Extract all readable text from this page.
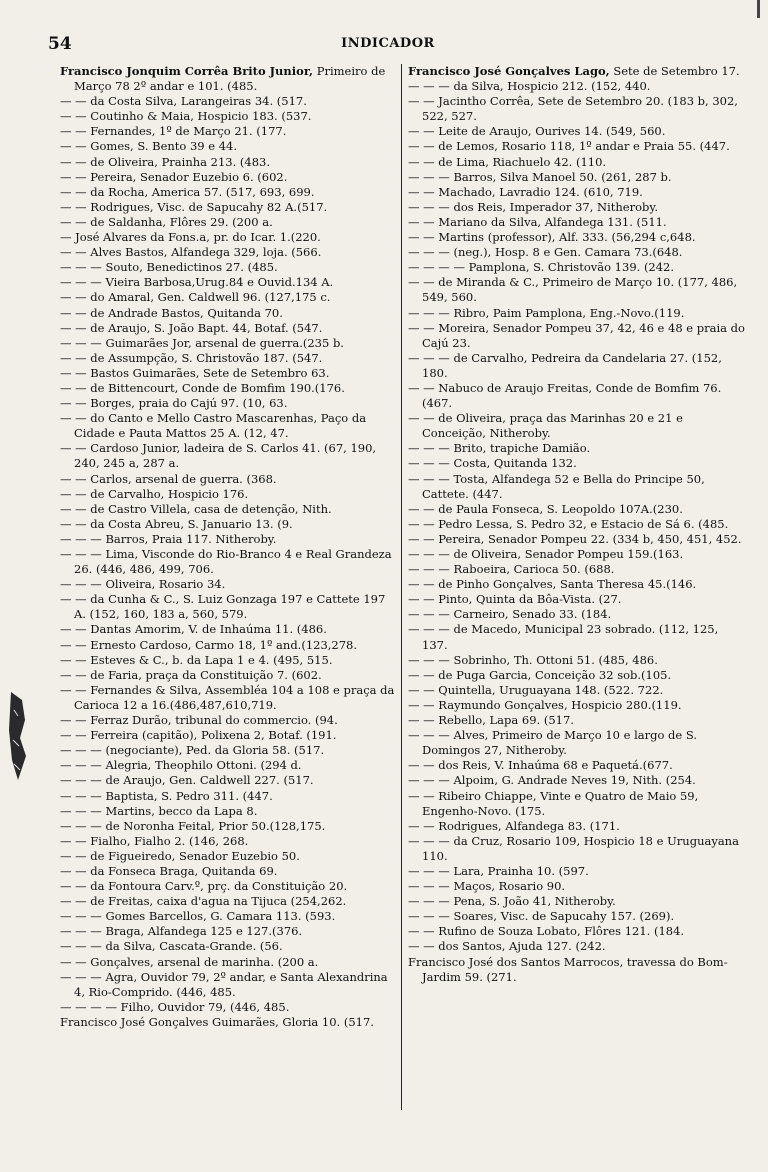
54	INDICADOR

Francisco Jonquim Corrêa Brito Junior, Primeiro de Março 78 2º andar e 101. (485.

— — da Costa Silva, Larangeiras 34. (517.

— — Coutinho & Maia, Hospicio 183. (537.

— — Fernandes, 1º de Março 21. (177.

— — Gomes, S. Bento 39 e 44.

— — de Oliveira, Prainha 213. (483.

— — Pereira, Senador Euzebio 6. (602.

— — da Rocha, America 57. (517, 693, 699.

— — Rodrigues, Visc. de Sapucahy 82 A.(517.

— — de Saldanha, Flôres 29. (200 a.

— José Alvares da Fons.a, pr. do Icar. 1.(220.

— — Alves Bastos, Alfandega 329, loja. (566.

— — — Souto, Benedictinos 27. (485.

— — — Vieira Barbosa,Urug.84 e Ouvid.134 A.

— — do Amaral, Gen. Caldwell 96. (127,175 c.

— — de Andrade Bastos, Quitanda 70.

— — de Araujo, S. João Bapt. 44, Botaf. (547.

— — — Guimarães Jor, arsenal de guerra.(235 b.

— — de Assumpção, S. Christovão 187. (547.

— — Bastos Guimarães, Sete de Setembro 63.

— — de Bittencourt, Conde de Bomfim 190.(176.

— — Borges, praia do Cajú 97. (10, 63.

— — do Canto e Mello Castro Mascarenhas, Paço da Cidade e Pauta Mattos 25 A. (12, 47.

— — Cardoso Junior, ladeira de S. Carlos 41. (67, 190, 240, 245 a, 287 a.

— — Carlos, arsenal de guerra. (368.

— — de Carvalho, Hospicio 176.

— — de Castro Villela, casa de detenção, Nith.

— — da Costa Abreu, S. Januario 13. (9.

— — — Barros, Praia 117. Nitheroby.

— — — Lima, Visconde do Rio-Branco 4 e Real Grandeza 26. (446, 486, 499, 706.

— — — Oliveira, Rosario 34.

— — da Cunha & C., S. Luiz Gonzaga 197 e Cattete 197 A. (152, 160, 183 a, 560, 579.

— — Dantas Amorim, V. de Inhaúma 11. (486.

— — Ernesto Cardoso, Carmo 18, 1º and.(123,278.

— — Esteves & C., b. da Lapa 1 e 4. (495, 515.

— — de Faria, praça da Constituição 7. (602.

— — Fernandes & Silva, Assembléa 104 a 108 e praça da Carioca 12 a 16.(486,487,610,719.

— — Ferraz Durão, tribunal do commercio. (94.

— — Ferreira (capitão), Polixena 2, Botaf. (191.

— — — (negociante), Ped. da Gloria 58. (517.

— — — Alegria, Theophilo Ottoni. (294 d.

— — — de Araujo, Gen. Caldwell 227. (517.

— — — Baptista, S. Pedro 311. (447.

— — — Martins, becco da Lapa 8.

— — — de Noronha Feital, Prior 50.(128,175.

— — Fialho, Fialho 2. (146, 268.

— — de Figueiredo, Senador Euzebio 50.

— — da Fonseca Braga, Quitanda 69.

— — da Fontoura Carv.º, prç. da Constituição 20.

— — de Freitas, caixa d'agua na Tijuca (254,262.

— — — Gomes Barcellos, G. Camara 113. (593.

— — — Braga, Alfandega 125 e 127.(376.

— — — da Silva, Cascata-Grande. (56.

— — Gonçalves, arsenal de marinha. (200 a.

— — — Agra, Ouvidor 79, 2º andar, e Santa Alexandrina 4, Rio-Comprido. (446, 485.

— — — — Filho, Ouvidor 79, (446, 485.

Francisco José Gonçalves Guimarães, Gloria 10. (517.

Francisco José Gonçalves Lago, Sete de Setembro 17.

— — — da Silva, Hospicio 212. (152, 440.

— — Jacintho Corrêa, Sete de Setembro 20. (183 b, 302, 522, 527.

— — Leite de Araujo, Ourives 14. (549, 560.

— — de Lemos, Rosario 118, 1º andar e Praia 55. (447.

— — de Lima, Riachuelo 42. (110.

— — — Barros, Silva Manoel 50. (261, 287 b.

— — Machado, Lavradio 124. (610, 719.

— — — dos Reis, Imperador 37, Nitheroby.

— — Mariano da Silva, Alfandega 131. (511.

— — Martins (professor), Alf. 333. (56,294 c,648.

— — — (neg.), Hosp. 8 e Gen. Camara 73.(648.

— — — — Pamplona, S. Christovão 139. (242.

— — de Miranda & C., Primeiro de Março 10. (177, 486, 549, 560.

— — — Ribro, Paim Pamplona, Eng.-Novo.(119.

— — Moreira, Senador Pompeu 37, 42, 46 e 48 e praia do Cajú 23.

— — — de Carvalho, Pedreira da Candelaria 27. (152, 180.

— — Nabuco de Araujo Freitas, Conde de Bomfim 76. (467.

— — de Oliveira, praça das Marinhas 20 e 21 e Conceição, Nitheroby.

— — — Brito, trapiche Damião.

— — — Costa, Quitanda 132.

— — — Tosta, Alfandega 52 e Bella do Principe 50, Cattete. (447.

— — de Paula Fonseca, S. Leopoldo 107A.(230.

— — Pedro Lessa, S. Pedro 32, e Estacio de Sá 6. (485.

— — Pereira, Senador Pompeu 22. (334 b, 450, 451, 452.

— — — de Oliveira, Senador Pompeu 159.(163.

— — — Raboeira, Carioca 50. (688.

— — de Pinho Gonçalves, Santa Theresa 45.(146.

— — Pinto, Quinta da Bôa-Vista. (27.

— — — Carneiro, Senado 33. (184.

— — — de Macedo, Municipal 23 sobrado. (112, 125, 137.

— — — Sobrinho, Th. Ottoni 51. (485, 486.

— — de Puga Garcia, Conceição 32 sob.(105.

— — Quintella, Uruguayana 148. (522. 722.

— — Raymundo Gonçalves, Hospicio 280.(119.

— — Rebello, Lapa 69. (517.

— — — Alves, Primeiro de Março 10 e largo de S. Domingos 27, Nitheroby.

— — dos Reis, V. Inhaúma 68 e Paquetá.(677.

— — — Alpoim, G. Andrade Neves 19, Nith. (254.

— — Ribeiro Chiappe, Vinte e Quatro de Maio 59, Engenho-Novo. (175.

— — Rodrigues, Alfandega 83. (171.

— — — da Cruz, Rosario 109, Hospicio 18 e Uruguayana 110.

— — — Lara, Prainha 10. (597.

— — — Maços, Rosario 90.

— — — Pena, S. João 41, Nitheroby.

— — — Soares, Visc. de Sapucahy 157. (269).

— — Rufino de Souza Lobato, Flôres 121. (184.

— — dos Santos, Ajuda 127. (242.

Francisco José dos Santos Marrocos, travessa do Bom-Jardim 59. (271.
